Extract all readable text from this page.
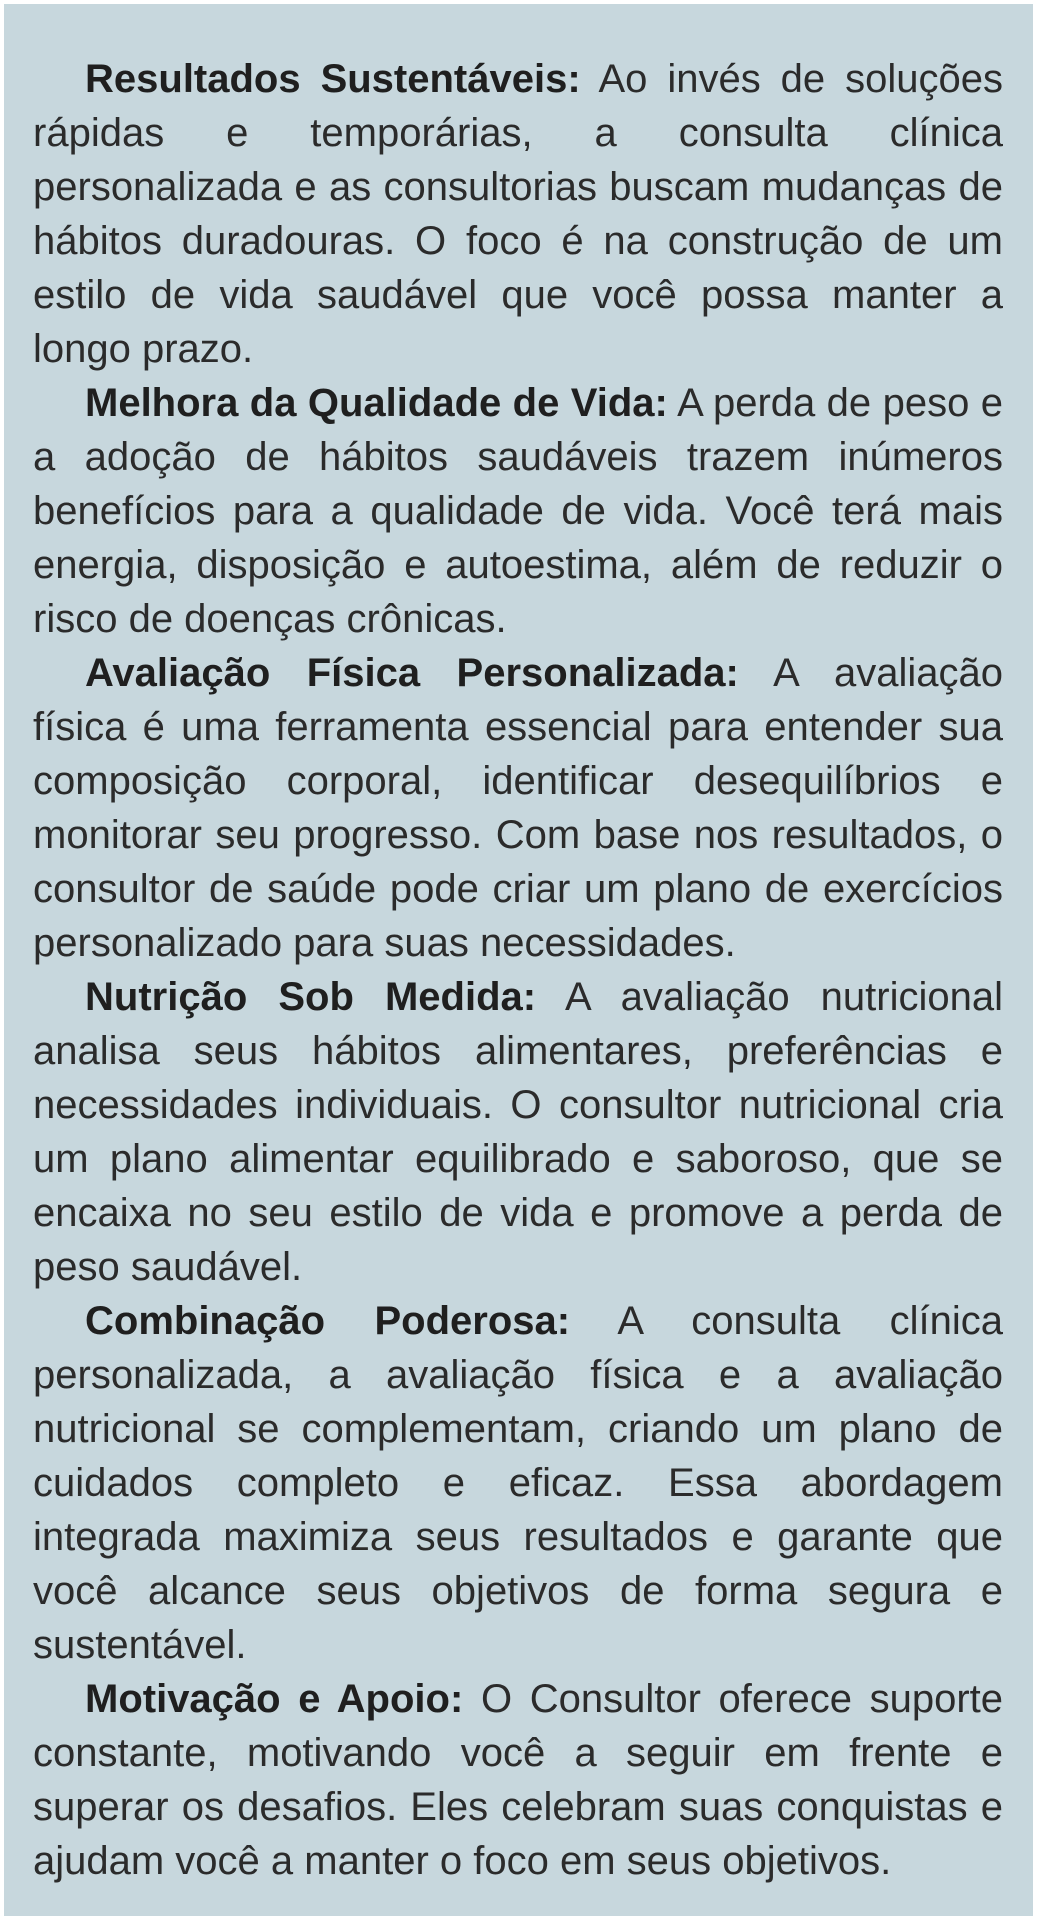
Resultados Sustentáveis: Ao invés de soluções rápidas e temporárias, a consulta clínica personalizada e as consultorias buscam mudanças de hábitos duradouras. O foco é na construção de um estilo de vida saudável que você possa manter a longo prazo.

Melhora da Qualidade de Vida: A perda de peso e a adoção de hábitos saudáveis trazem inúmeros benefícios para a qualidade de vida. Você terá mais energia, disposição e autoestima, além de reduzir o risco de doenças crônicas.

Avaliação Física Personalizada: A avaliação física é uma ferramenta essencial para entender sua composição corporal, identificar desequilíbrios e monitorar seu progresso. Com base nos resultados, o consultor de saúde pode criar um plano de exercícios personalizado para suas necessidades.

Nutrição Sob Medida: A avaliação nutricional analisa seus hábitos alimentares, preferências e necessidades individuais. O consultor nutricional cria um plano alimentar equilibrado e saboroso, que se encaixa no seu estilo de vida e promove a perda de peso saudável.

Combinação Poderosa: A consulta clínica personalizada, a avaliação física e a avaliação nutricional se complementam, criando um plano de cuidados completo e eficaz. Essa abordagem integrada maximiza seus resultados e garante que você alcance seus objetivos de forma segura e sustentável.

Motivação e Apoio: O Consultor oferece suporte constante, motivando você a seguir em frente e superar os desafios. Eles celebram suas conquistas e ajudam você a manter o foco em seus objetivos.
